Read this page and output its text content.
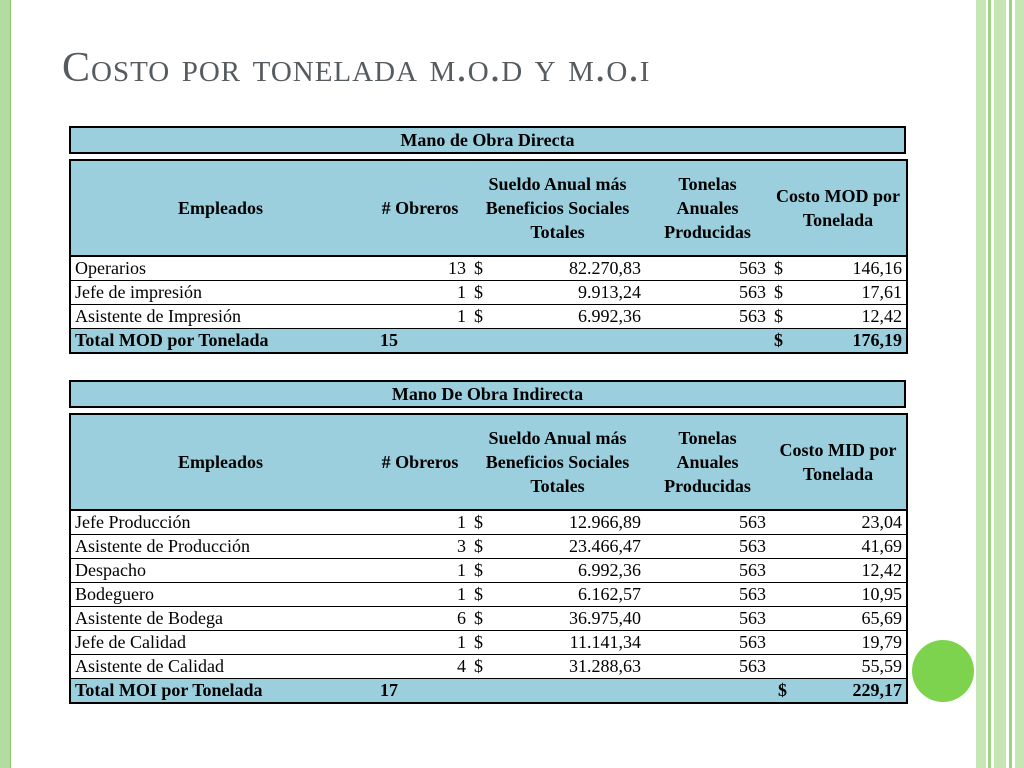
Costo por tonelada m.o.d y m.o.i
Mano de Obra Directa
Empleados	# Obreros	Sueldo Anual más Beneficios Sociales Totales		Tonelas Anuales Producidas	Costo MOD por Tonelada	

Operarios	13	$	82.270,83	563	$	146,16
Jefe de impresión	1	$	9.913,24	563	$	17,61
Asistente de Impresión	1	$	6.992,36	563	$	12,42
Total MOD por Tonelada	15				$	176,19
Mano De Obra Indirecta
Empleados	# Obreros	Sueldo Anual más Beneficios Sociales Totales		Tonelas Anuales Producidas	Costo MID por Tonelada	

Jefe Producción	1	$	12.966,89	563	23,04	
Asistente de Producción	3	$	23.466,47	563	41,69	
Despacho	1	$	6.992,36	563	12,42	
Bodeguero	1	$	6.162,57	563	10,95	
Asistente de Bodega	6	$	36.975,40	563	65,69	
Jefe de Calidad	1	$	11.141,34	563	19,79	
Asistente de Calidad	4	$	31.288,63	563	55,59	
Total MOI por Tonelada	17				$	229,17
